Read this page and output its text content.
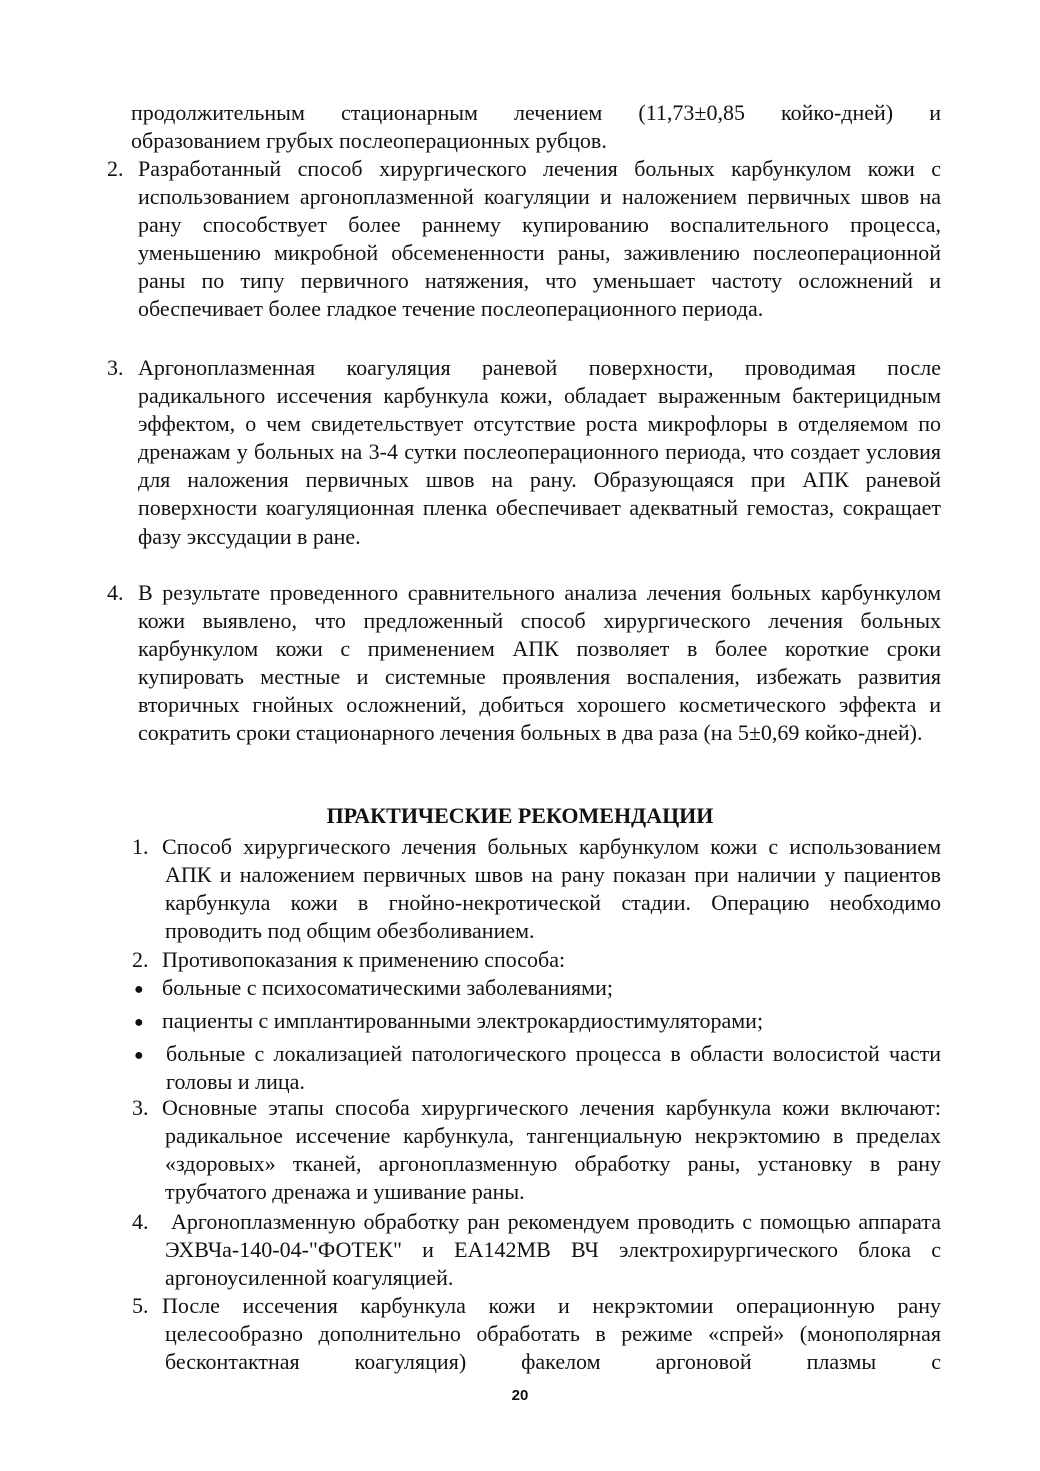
продолжительным стационарным лечением (11,73±0,85 койко-дней) и
образованием грубых послеоперационных рубцов.
2. Разработанный способ хирургического лечения больных карбункулом кожи с использованием аргоноплазменной коагуляции и наложением первичных швов на рану способствует более раннему купированию воспалительного процесса, уменьшению микробной обсемененности раны, заживлению послеоперационной раны по типу первичного натяжения, что уменьшает частоту осложнений и обеспечивает более гладкое течение послеоперационного периода.
3. Аргоноплазменная коагуляция раневой поверхности, проводимая после радикального иссечения карбункула кожи, обладает выраженным бактерицидным эффектом, о чем свидетельствует отсутствие роста микрофлоры в отделяемом по дренажам у больных на 3-4 сутки послеоперационного периода, что создает условия для наложения первичных швов на рану. Образующаяся при АПК раневой поверхности коагуляционная пленка обеспечивает адекватный гемостаз, сокращает фазу экссудации в ране.
4. В результате проведенного сравнительного анализа лечения больных карбункулом кожи выявлено, что предложенный способ хирургического лечения больных карбункулом кожи с применением АПК позволяет в более короткие сроки купировать местные и системные проявления воспаления, избежать развития вторичных гнойных осложнений, добиться хорошего косметического эффекта и сократить сроки стационарного лечения больных в два раза (на 5±0,69 койко-дней).
ПРАКТИЧЕСКИЕ РЕКОМЕНДАЦИИ
1. Способ хирургического лечения больных карбункулом кожи с использованием АПК и наложением первичных швов на рану показан при наличии у пациентов карбункула кожи в гнойно-некротической стадии. Операцию необходимо проводить под общим обезболиванием.
2. Противопоказания к применению способа:
● больные с психосоматическими заболеваниями;
● пациенты с имплантированными электрокардиостимуляторами;
● больные с локализацией патологического процесса в области волосистой части головы и лица.
3. Основные этапы способа хирургического лечения карбункула кожи включают: радикальное иссечение карбункула, тангенциальную некрэктомию в пределах «здоровых» тканей, аргоноплазменную обработку раны, установку в рану трубчатого дренажа и ушивание раны.
4. Аргоноплазменную обработку ран рекомендуем проводить с помощью аппарата ЭХВЧа-140-04-"ФОТЕК" и ЕА142МВ ВЧ электрохирургического блока с аргоноусиленной коагуляцией.
5. После иссечения карбункула кожи и некрэктомии операционную рану целесообразно дополнительно обработать в режиме «спрей» (монополярная бесконтактная коагуляция) факелом аргоновой плазмы с
20
